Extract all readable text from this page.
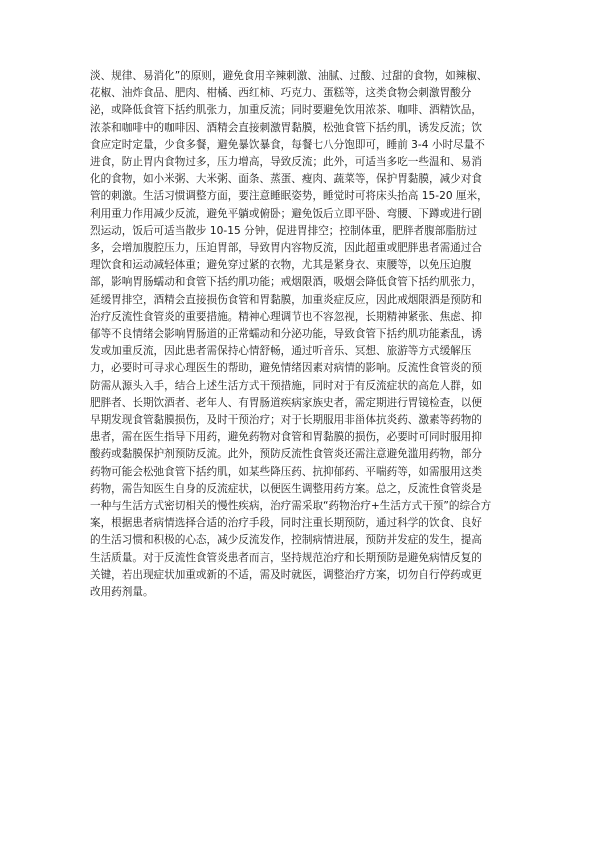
淡、规律、易消化”的原则，避免食用辛辣刺激、油腻、过酸、过甜的食物，如辣椒、
花椒、油炸食品、肥肉、柑橘、西红柿、巧克力、蛋糕等，这类食物会刺激胃酸分
泌，或降低食管下括约肌张力，加重反流；同时要避免饮用浓茶、咖啡、酒精饮品，
浓茶和咖啡中的咖啡因、酒精会直接刺激胃黏膜，松弛食管下括约肌，诱发反流；饮
食应定时定量，少食多餐，避免暴饮暴食，每餐七八分饱即可，睡前 3-4 小时尽量不
进食，防止胃内食物过多，压力增高，导致反流；此外，可适当多吃一些温和、易消
化的食物，如小米粥、大米粥、面条、蒸蛋、瘦肉、蔬菜等，保护胃黏膜，减少对食
管的刺激。生活习惯调整方面，要注意睡眠姿势，睡觉时可将床头抬高 15-20 厘米，
利用重力作用减少反流，避免平躺或俯卧；避免饭后立即平卧、弯腰、下蹲或进行剧
烈运动，饭后可适当散步 10-15 分钟，促进胃排空；控制体重，肥胖者腹部脂肪过
多，会增加腹腔压力，压迫胃部，导致胃内容物反流，因此超重或肥胖患者需通过合
理饮食和运动减轻体重；避免穿过紧的衣物，尤其是紧身衣、束腰等，以免压迫腹
部，影响胃肠蠕动和食管下括约肌功能；戒烟限酒，吸烟会降低食管下括约肌张力，
延缓胃排空，酒精会直接损伤食管和胃黏膜，加重炎症反应，因此戒烟限酒是预防和
治疗反流性食管炎的重要措施。精神心理调节也不容忽视，长期精神紧张、焦虑、抑
郁等不良情绪会影响胃肠道的正常蠕动和分泌功能，导致食管下括约肌功能紊乱，诱
发或加重反流，因此患者需保持心情舒畅，通过听音乐、冥想、旅游等方式缓解压
力，必要时可寻求心理医生的帮助，避免情绪因素对病情的影响。反流性食管炎的预
防需从源头入手，结合上述生活方式干预措施，同时对于有反流症状的高危人群，如
肥胖者、长期饮酒者、老年人、有胃肠道疾病家族史者，需定期进行胃镜检查，以便
早期发现食管黏膜损伤，及时干预治疗；对于长期服用非甾体抗炎药、激素等药物的
患者，需在医生指导下用药，避免药物对食管和胃黏膜的损伤，必要时可同时服用抑
酸药或黏膜保护剂预防反流。此外，预防反流性食管炎还需注意避免滥用药物，部分
药物可能会松弛食管下括约肌，如某些降压药、抗抑郁药、平喘药等，如需服用这类
药物，需告知医生自身的反流症状，以便医生调整用药方案。总之，反流性食管炎是
一种与生活方式密切相关的慢性疾病，治疗需采取“药物治疗+生活方式干预”的综合方
案，根据患者病情选择合适的治疗手段，同时注重长期预防，通过科学的饮食、良好
的生活习惯和积极的心态，减少反流发作，控制病情进展，预防并发症的发生，提高
生活质量。对于反流性食管炎患者而言，坚持规范治疗和长期预防是避免病情反复的
关键，若出现症状加重或新的不适，需及时就医，调整治疗方案，切勿自行停药或更
改用药剂量。
